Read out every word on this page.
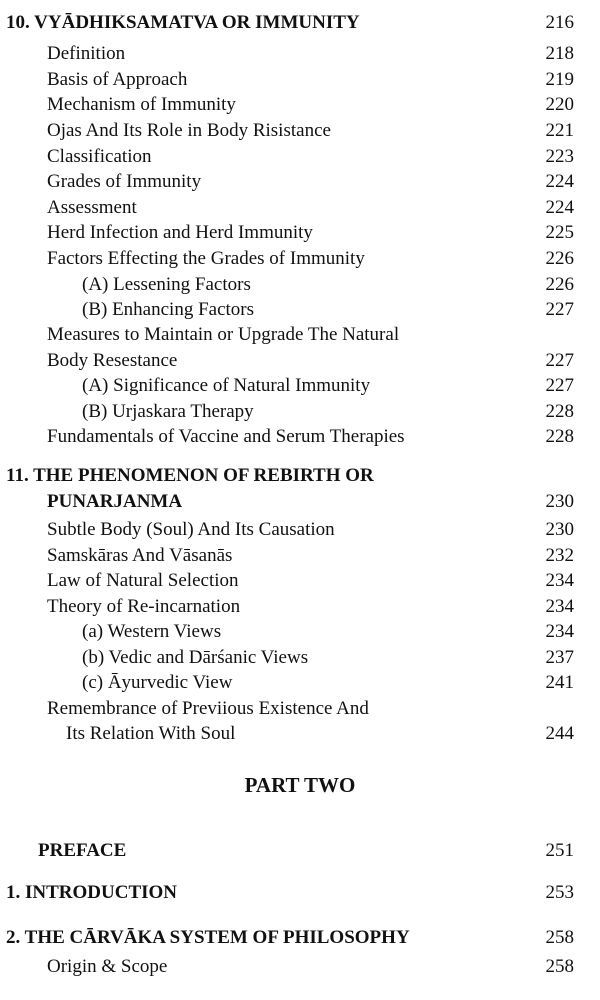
10. VYĀDHIKSAMATVA OR IMMUNITY	216
Definition	218
Basis of Approach	219
Mechanism of Immunity	220
Ojas And Its Role in Body Risistance	221
Classification	223
Grades of Immunity	224
Assessment	224
Herd Infection and Herd Immunity	225
Factors Effecting the Grades of Immunity	226
(A) Lessening Factors	226
(B) Enhancing Factors	227
Measures to Maintain or Upgrade The Natural
Body Resestance	227
(A) Significance of Natural Immunity	227
(B) Urjaskara Therapy	228
Fundamentals of Vaccine and Serum Therapies	228
11. THE PHENOMENON OF REBIRTH OR
PUNARJANMA	230
Subtle Body (Soul) And Its Causation	230
Samskāras And Vāsanās	232
Law of Natural Selection	234
Theory of Re-incarnation	234
(a) Western Views	234
(b) Vedic and Dārśanic Views	237
(c) Āyurvedic View	241
Remembrance of Previious Existence And
Its Relation With Soul	244
PART TWO
PREFACE	251
1. INTRODUCTION	253
2. THE CĀRVĀKA SYSTEM OF PHILOSOPHY	258
Origin & Scope	258
